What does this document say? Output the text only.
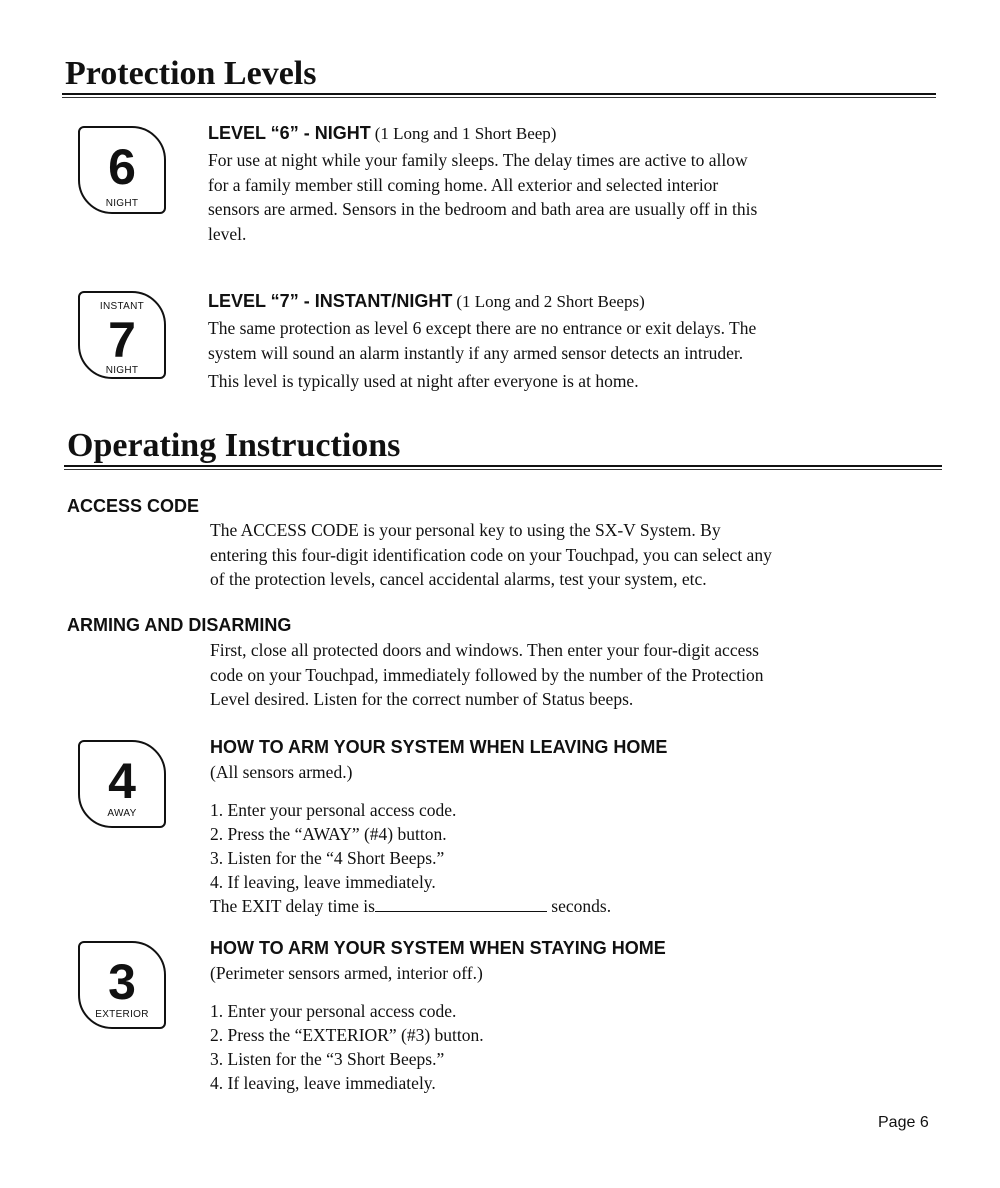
Protection Levels
6
NIGHT
LEVEL “6” - NIGHT (1 Long and 1 Short Beep)
For use at night while your family sleeps. The delay times are active to allow
for a family member still coming home. All exterior and selected interior
sensors are armed. Sensors in the bedroom and bath area are usually off in this
level.
INSTANT
7
NIGHT
LEVEL “7” - INSTANT/NIGHT (1 Long and 2 Short Beeps)
The same protection as level 6 except there are no entrance or exit delays. The
system will sound an alarm instantly if any armed sensor detects an intruder.
This level is typically used at night after everyone is at home.
Operating Instructions
ACCESS CODE
The ACCESS CODE is your personal key to using the SX-V System. By
entering this four-digit identification code on your Touchpad, you can select any
of the protection levels, cancel accidental alarms, test your system, etc.
ARMING AND DISARMING
First, close all protected doors and windows. Then enter your four-digit access
code on your Touchpad, immediately followed by the number of the Protection
Level desired. Listen for the correct number of Status beeps.
4
AWAY
HOW TO ARM YOUR SYSTEM WHEN LEAVING HOME
(All sensors armed.)
1. Enter your personal access code.
2. Press the “AWAY” (#4) button.
3. Listen for the “4 Short Beeps.”
4. If leaving, leave immediately.
The EXIT delay time is	seconds.
3
EXTERIOR
HOW TO ARM YOUR SYSTEM WHEN STAYING HOME
(Perimeter sensors armed, interior off.)
1. Enter your personal access code.
2. Press the “EXTERIOR” (#3) button.
3. Listen for the “3 Short Beeps.”
4. If leaving, leave immediately.
Page 6
